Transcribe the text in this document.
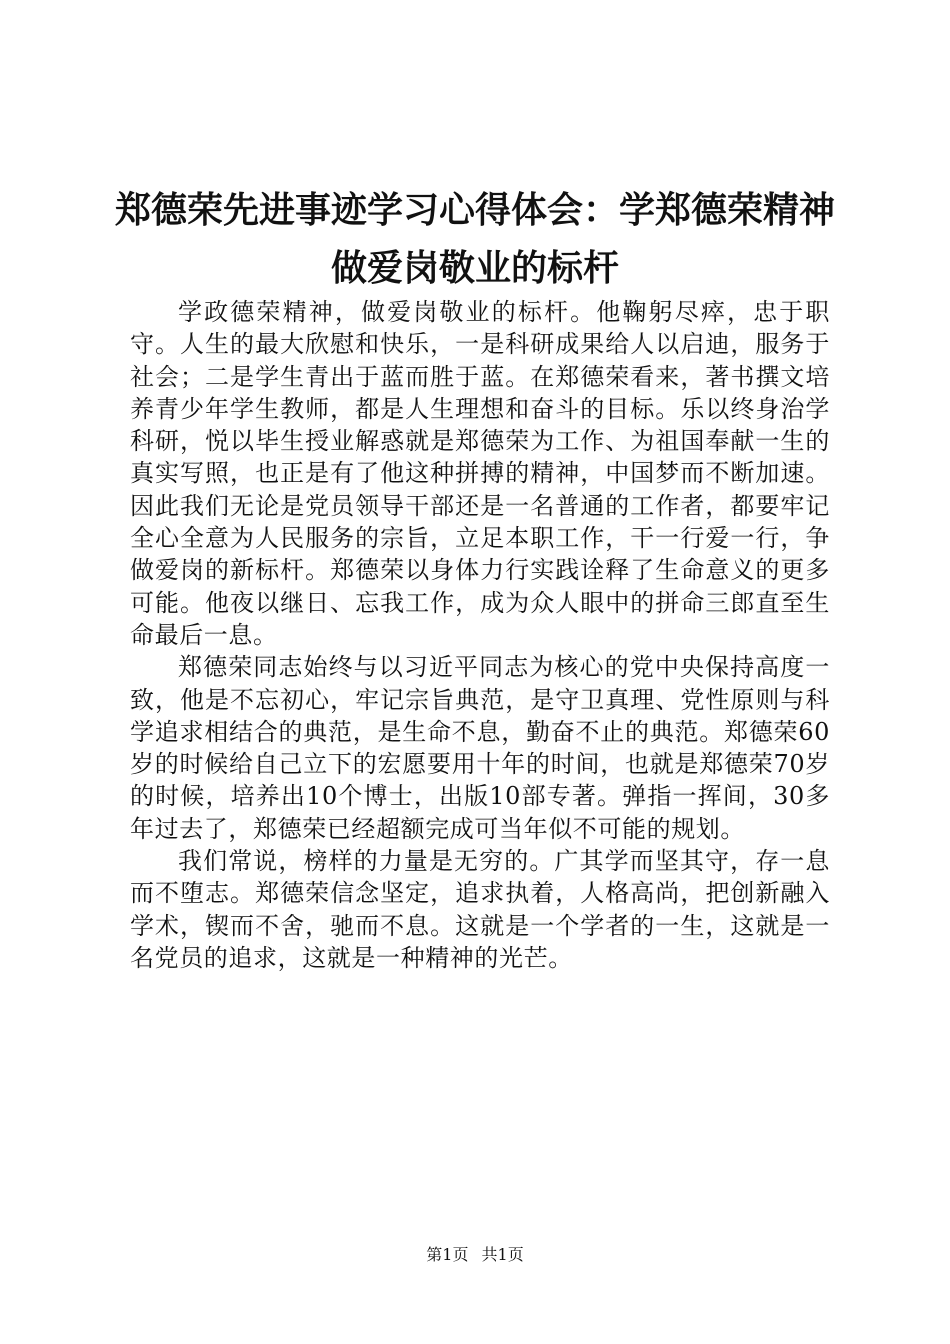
郑德荣先进事迹学习心得体会：学郑德荣精神
做爱岗敬业的标杆

学政德荣精神，做爱岗敬业的标杆。他鞠躬尽瘁，忠于职守。人生的最大欣慰和快乐，一是科研成果给人以启迪，服务于社会；二是学生青出于蓝而胜于蓝。在郑德荣看来，著书撰文培养青少年学生教师，都是人生理想和奋斗的目标。乐以终身治学科研，悦以毕生授业解惑就是郑德荣为工作、为祖国奉献一生的真实写照，也正是有了他这种拼搏的精神，中国梦而不断加速。因此我们无论是党员领导干部还是一名普通的工作者，都要牢记全心全意为人民服务的宗旨，立足本职工作，干一行爱一行，争做爱岗的新标杆。郑德荣以身体力行实践诠释了生命意义的更多可能。他夜以继日、忘我工作，成为众人眼中的拼命三郎直至生命最后一息。

郑德荣同志始终与以习近平同志为核心的党中央保持高度一致，他是不忘初心，牢记宗旨典范，是守卫真理、党性原则与科学追求相结合的典范，是生命不息，勤奋不止的典范。郑德荣60岁的时候给自己立下的宏愿要用十年的时间，也就是郑德荣70岁的时候，培养出10个博士，出版10部专著。弹指一挥间，30多年过去了，郑德荣已经超额完成可当年似不可能的规划。

我们常说，榜样的力量是无穷的。广其学而坚其守，存一息而不堕志。郑德荣信念坚定，追求执着，人格高尚，把创新融入学术，锲而不舍，驰而不息。这就是一个学者的一生，这就是一名党员的追求，这就是一种精神的光芒。

第1页 共1页
